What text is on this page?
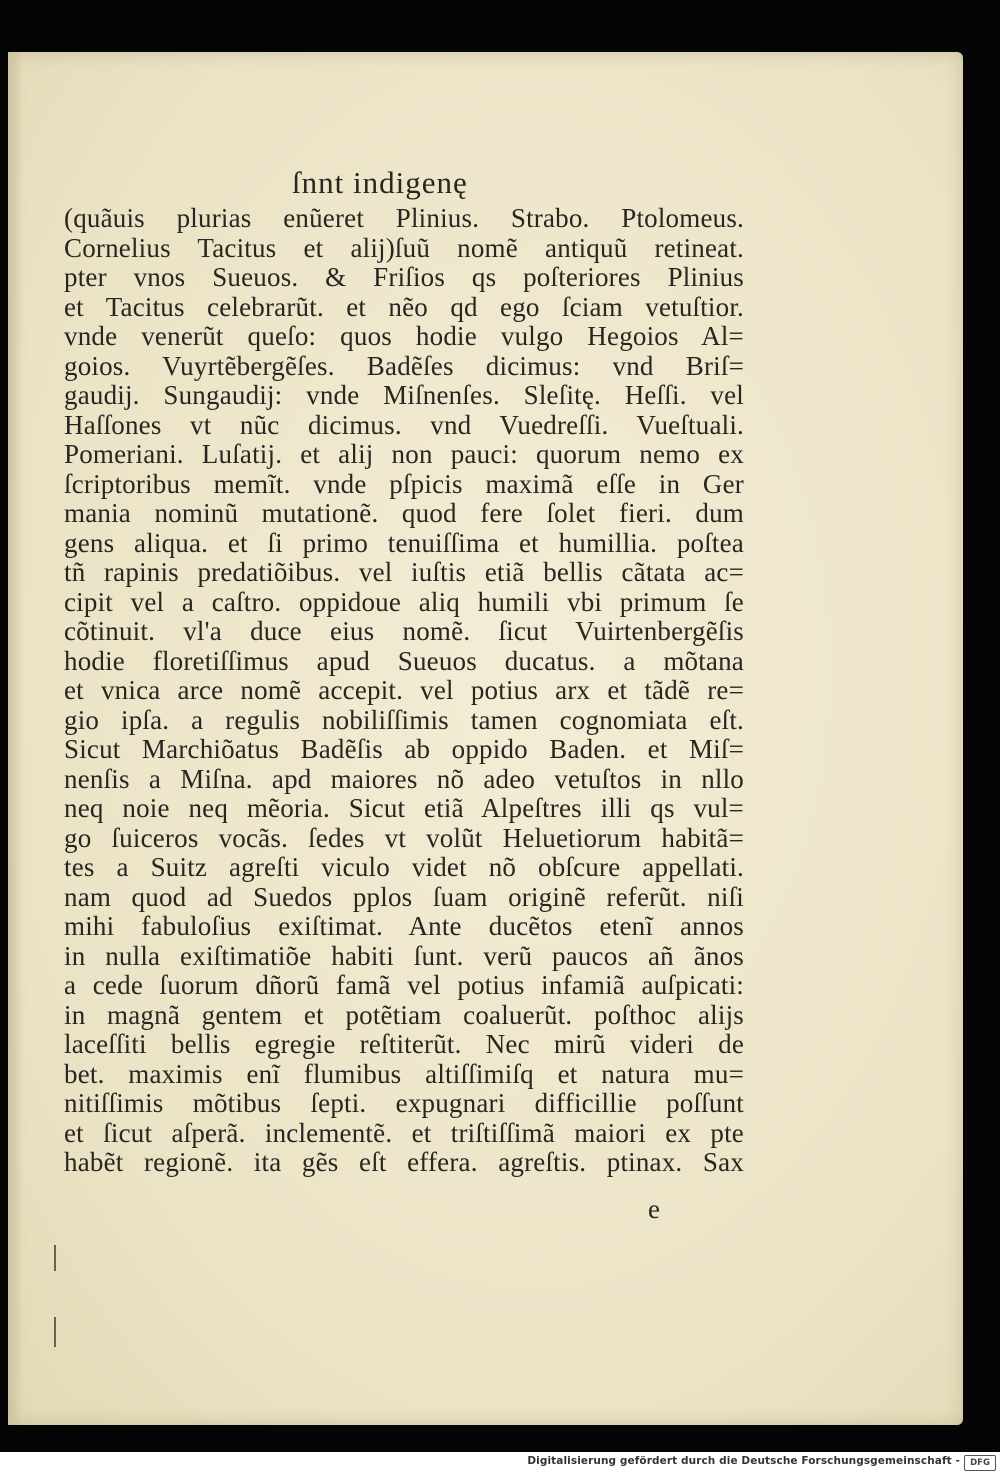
ſnnt indigenę
(quãuis plurias enũeret Plinius. Strabo. Ptolomeus.
Cornelius Tacitus et alij)ſuũ nomẽ antiquũ retineat.
pter vnos Sueuos. & Friſios qs poſteriores Plinius
et Tacitus celebrarũt. et nẽo qd ego ſciam vetuſtior.
vnde venerũt queſo: quos hodie vulgo Hegoios Al=
goios. Vuyrtẽbergẽſes. Badẽſes dicimus: vnd Briſ=
gaudij. Sungaudij: vnde Miſnenſes. Sleſitę. Heſſi. vel
Haſſones vt nũc dicimus. vnd Vuedreſſi. Vueſtuali.
Pomeriani. Luſatij. et alij non pauci: quorum nemo ex
ſcriptoribus memĩt. vnde pſpicis maximã eſſe in Ger
mania nominũ mutationẽ. quod fere ſolet fieri. dum
gens aliqua. et ſi primo tenuiſſima et humillia. poſtea
tñ rapinis predatiõibus. vel iuſtis etiã bellis cãtata ac=
cipit vel a caſtro. oppidoue aliq humili vbi primum ſe
cõtinuit. vl'a duce eius nomẽ. ſicut Vuirtenbergẽſis
hodie floretiſſimus apud Sueuos ducatus. a mõtana
et vnica arce nomẽ accepit. vel potius arx et tãdẽ re=
gio ipſa. a regulis nobiliſſimis tamen cognomiata eſt.
Sicut Marchiõatus Badẽſis ab oppido Baden. et Miſ=
nenſis a Miſna. apd maiores nõ adeo vetuſtos in nllo
neq noie neq mẽoria. Sicut etiã Alpeſtres illi qs vul=
go ſuiceros vocãs. ſedes vt volũt Heluetiorum habitã=
tes a Suitz agreſti viculo videt nõ obſcure appellati.
nam quod ad Suedos pplos ſuam originẽ referũt. niſi
mihi fabuloſius exiſtimat. Ante ducẽtos etenĩ annos
in nulla exiſtimatiõe habiti ſunt. verũ paucos añ ãnos
a cede ſuorum dñorũ famã vel potius infamiã auſpicati:
in magnã gentem et potẽtiam coaluerũt. poſthoc alijs
laceſſiti bellis egregie reſtiterũt. Nec mirũ videri de
bet. maximis enĩ flumibus altiſſimiſq et natura mu=
nitiſſimis mõtibus ſepti. expugnari difficillie poſſunt
et ſicut aſperã. inclementẽ. et triſtiſſimã maiori ex pte
habẽt regionẽ. ita gẽs eſt effera. agreſtis. ptinax. Sax
e
Digitalisierung gefördert durch die Deutsche Forschungsgemeinschaft -	DFG
